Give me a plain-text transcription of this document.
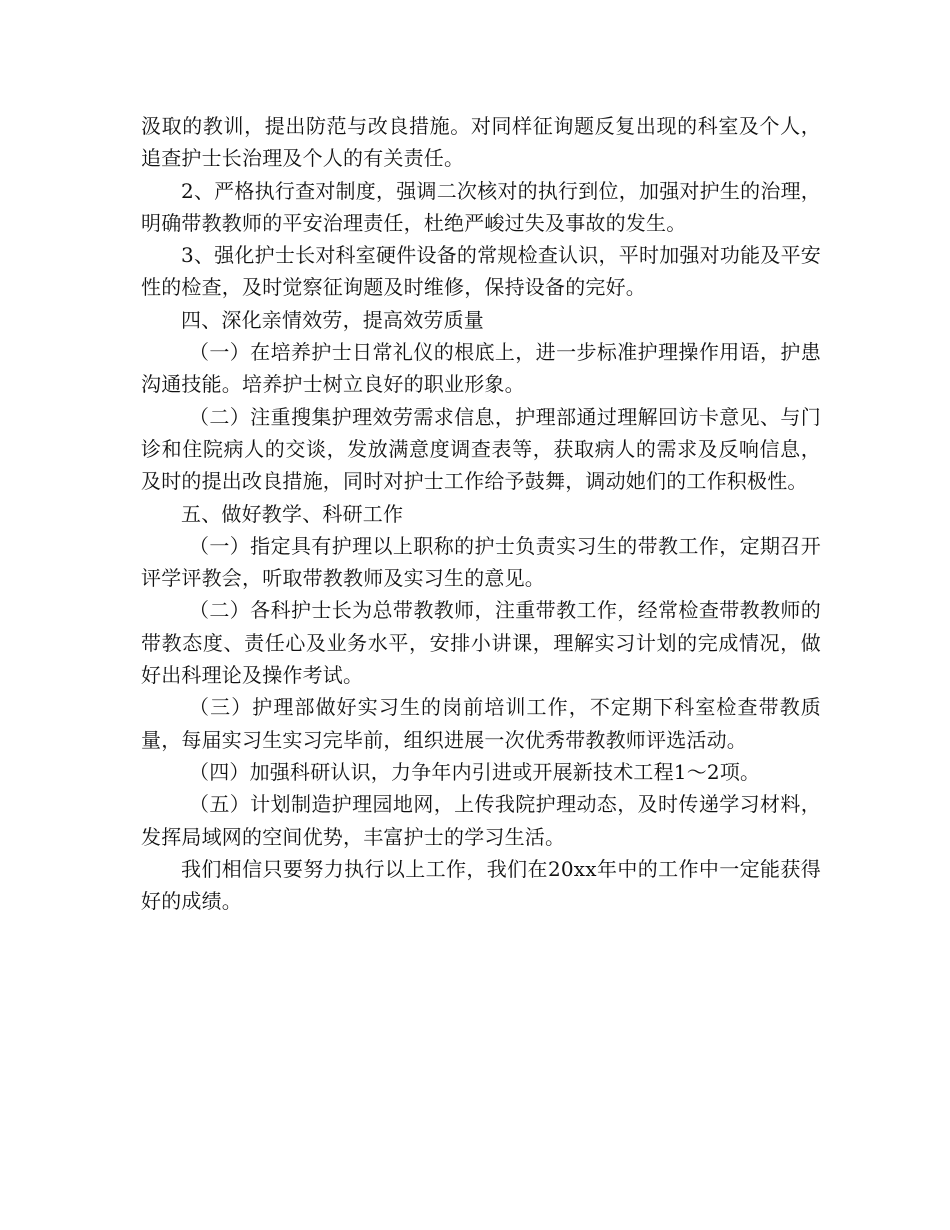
汲取的教训，提出防范与改良措施。对同样征询题反复出现的科室及个人，追查护士长治理及个人的有关责任。

2、严格执行查对制度，强调二次核对的执行到位，加强对护生的治理，明确带教教师的平安治理责任，杜绝严峻过失及事故的发生。

3、强化护士长对科室硬件设备的常规检查认识，平时加强对功能及平安性的检查，及时觉察征询题及时维修，保持设备的完好。

四、深化亲情效劳，提高效劳质量

（一）在培养护士日常礼仪的根底上，进一步标准护理操作用语，护患沟通技能。培养护士树立良好的职业形象。

（二）注重搜集护理效劳需求信息，护理部通过理解回访卡意见、与门诊和住院病人的交谈，发放满意度调查表等，获取病人的需求及反响信息，及时的提出改良措施，同时对护士工作给予鼓舞，调动她们的工作积极性。

五、做好教学、科研工作

（一）指定具有护理以上职称的护士负责实习生的带教工作，定期召开评学评教会，听取带教教师及实习生的意见。

（二）各科护士长为总带教教师，注重带教工作，经常检查带教教师的带教态度、责任心及业务水平，安排小讲课，理解实习计划的完成情况，做好出科理论及操作考试。

（三）护理部做好实习生的岗前培训工作，不定期下科室检查带教质量，每届实习生实习完毕前，组织进展一次优秀带教教师评选活动。

（四）加强科研认识，力争年内引进或开展新技术工程1～2项。

（五）计划制造护理园地网，上传我院护理动态，及时传递学习材料，发挥局域网的空间优势，丰富护士的学习生活。

我们相信只要努力执行以上工作，我们在20xx年中的工作中一定能获得好的成绩。
